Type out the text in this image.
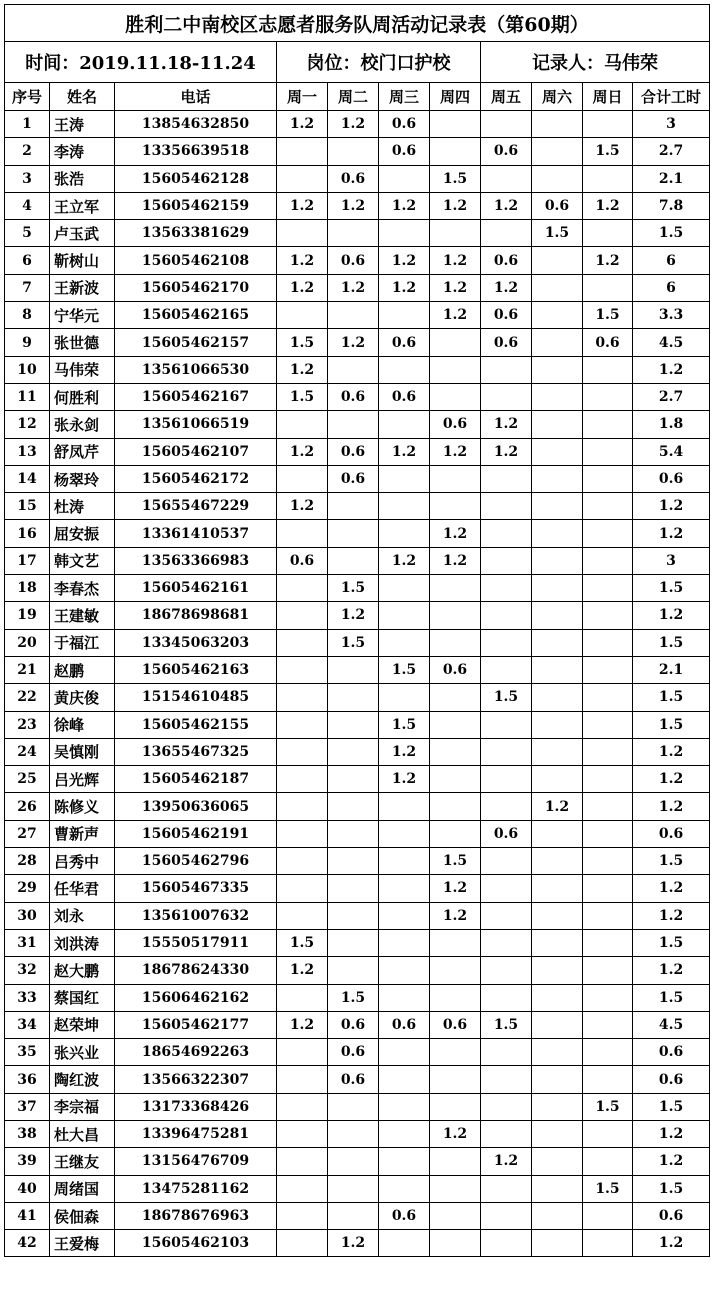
胜利二中南校区志愿者服务队周活动记录表（第60期）										
时间：2019.11.18-11.24			岗位：校门口护校				记录人：马伟荣			
序号	姓名	电话	周一	周二	周三	周四	周五	周六	周日	合计工时
1	王涛	13854632850	1.2	1.2	0.6					3
2	李涛	13356639518			0.6		0.6		1.5	2.7
3	张浩	15605462128		0.6		1.5				2.1
4	王立军	15605462159	1.2	1.2	1.2	1.2	1.2	0.6	1.2	7.8
5	卢玉武	13563381629						1.5		1.5
6	靳树山	15605462108	1.2	0.6	1.2	1.2	0.6		1.2	6
7	王新波	15605462170	1.2	1.2	1.2	1.2	1.2			6
8	宁华元	15605462165				1.2	0.6		1.5	3.3
9	张世德	15605462157	1.5	1.2	0.6		0.6		0.6	4.5
10	马伟荣	13561066530	1.2							1.2
11	何胜利	15605462167	1.5	0.6	0.6					2.7
12	张永剑	13561066519				0.6	1.2			1.8
13	舒凤芹	15605462107	1.2	0.6	1.2	1.2	1.2			5.4
14	杨翠玲	15605462172		0.6						0.6
15	杜涛	15655467229	1.2							1.2
16	屈安振	13361410537				1.2				1.2
17	韩文艺	13563366983	0.6		1.2	1.2				3
18	李春杰	15605462161		1.5						1.5
19	王建敏	18678698681		1.2						1.2
20	于福江	13345063203		1.5						1.5
21	赵鹏	15605462163			1.5	0.6				2.1
22	黄庆俊	15154610485					1.5			1.5
23	徐峰	15605462155			1.5					1.5
24	吴慎刚	13655467325			1.2					1.2
25	吕光辉	15605462187			1.2					1.2
26	陈修义	13950636065						1.2		1.2
27	曹新声	15605462191					0.6			0.6
28	吕秀中	15605462796				1.5				1.5
29	任华君	15605467335				1.2				1.2
30	刘永	13561007632				1.2				1.2
31	刘洪涛	15550517911	1.5							1.5
32	赵大鹏	18678624330	1.2							1.2
33	蔡国红	15606462162		1.5						1.5
34	赵荣坤	15605462177	1.2	0.6	0.6	0.6	1.5			4.5
35	张兴业	18654692263		0.6						0.6
36	陶红波	13566322307		0.6						0.6
37	李宗福	13173368426							1.5	1.5
38	杜大昌	13396475281				1.2				1.2
39	王继友	13156476709					1.2			1.2
40	周绪国	13475281162							1.5	1.5
41	侯佃森	18678676963			0.6					0.6
42	王爱梅	15605462103		1.2						1.2
